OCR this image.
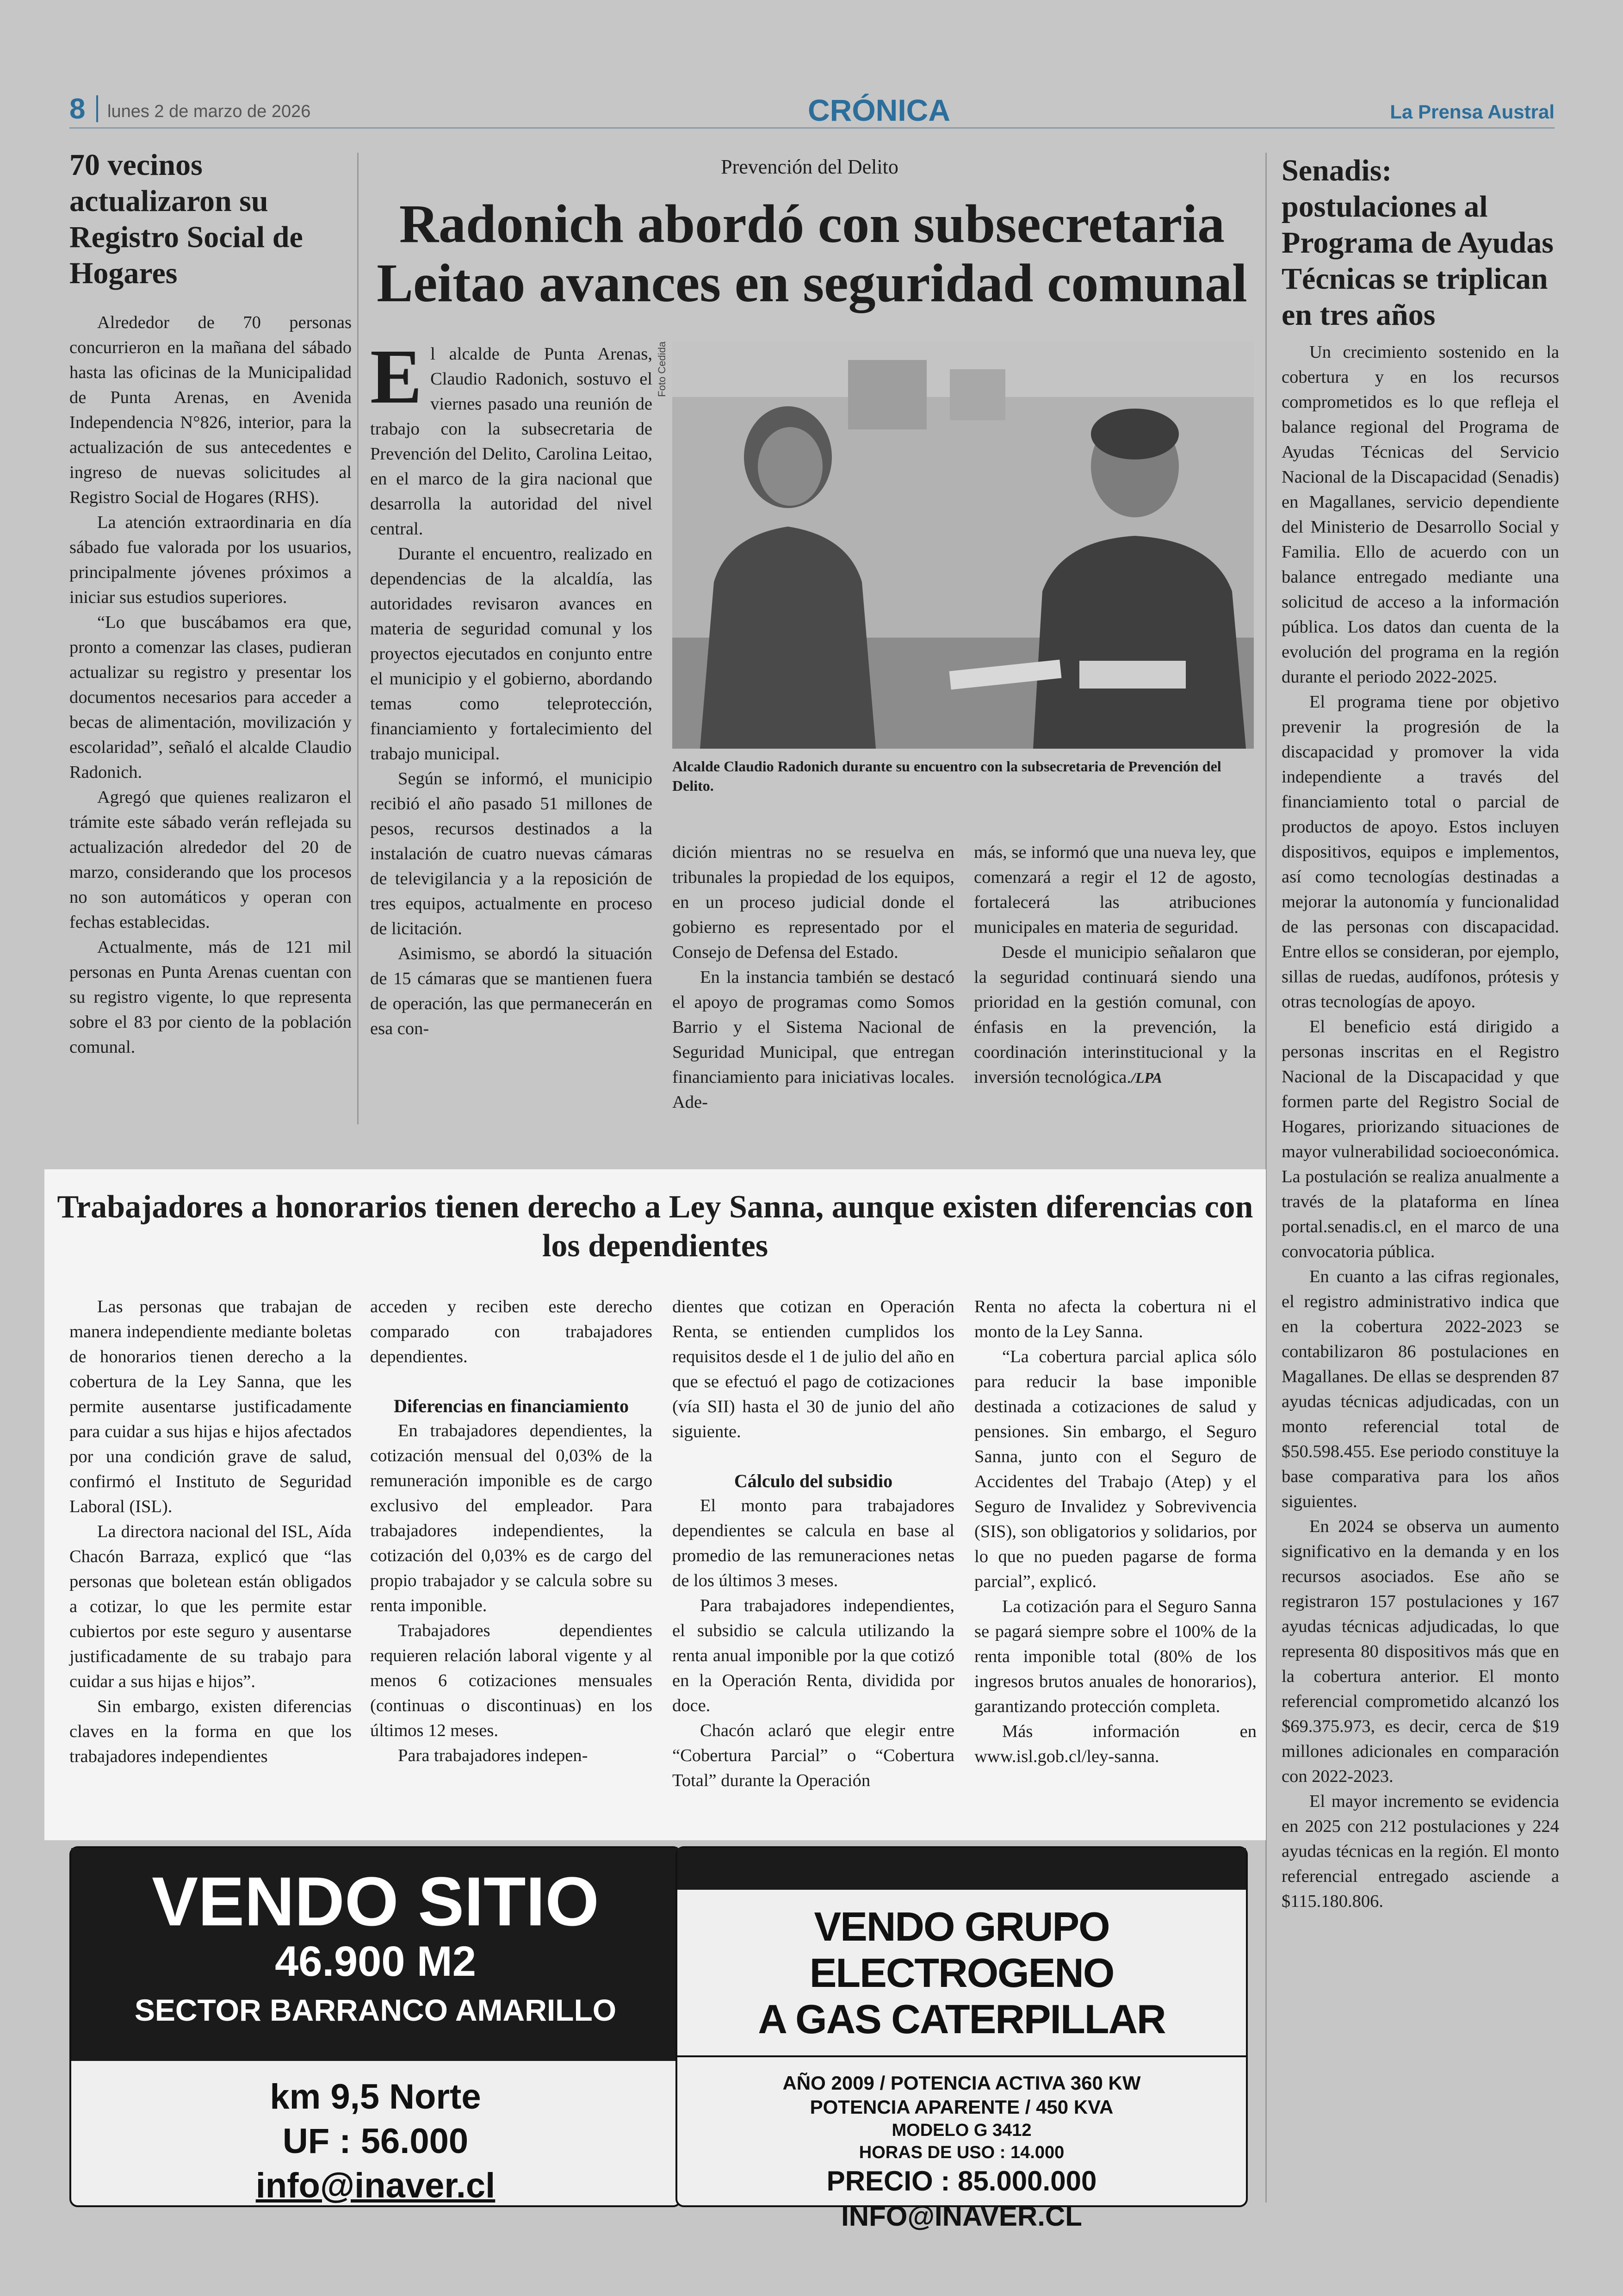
8 lunes 2 de marzo de 2026	CRÓNICA	La Prensa Austral
70 vecinos actualizaron su Registro Social de Hogares

Alrededor de 70 personas concurrieron en la mañana del sábado hasta las oficinas de la Municipalidad de Punta Arenas, en Avenida Independencia N°826, interior, para la actualización de sus antecedentes e ingreso de nuevas solicitudes al Registro Social de Hogares (RHS).

La atención extraordinaria en día sábado fue valorada por los usuarios, principalmente jóvenes próximos a iniciar sus estudios superiores.

“Lo que buscábamos era que, pronto a comenzar las clases, pudieran actualizar su registro y presentar los documentos necesarios para acceder a becas de alimentación, movilización y escolaridad”, señaló el alcalde Claudio Radonich.

Agregó que quienes realizaron el trámite este sábado verán reflejada su actualización alrededor del 20 de marzo, considerando que los procesos no son automáticos y operan con fechas establecidas.

Actualmente, más de 121 mil personas en Punta Arenas cuentan con su registro vigente, lo que representa sobre el 83 por ciento de la población comunal.

Prevención del Delito
Radonich abordó con subsecretaria Leitao avances en seguridad comunal

El alcalde de Punta Arenas, Claudio Radonich, sostuvo el viernes pasado una reunión de trabajo con la subsecretaria de Prevención del Delito, Carolina Leitao, en el marco de la gira nacional que desarrolla la autoridad del nivel central.

Durante el encuentro, realizado en dependencias de la alcaldía, las autoridades revisaron avances en materia de seguridad comunal y los proyectos ejecutados en conjunto entre el municipio y el gobierno, abordando temas como teleprotección, financiamiento y fortalecimiento del trabajo municipal.

Según se informó, el municipio recibió el año pasado 51 millones de pesos, recursos destinados a la instalación de cuatro nuevas cámaras de televigilancia y a la reposición de tres equipos, actualmente en proceso de licitación.

Asimismo, se abordó la situación de 15 cámaras que se mantienen fuera de operación, las que permanecerán en esa con-

Foto Cedida
Alcalde Claudio Radonich durante su encuentro con la subsecretaria de Prevención del Delito.

dición mientras no se resuelva en tribunales la propiedad de los equipos, en un proceso judicial donde el gobierno es representado por el Consejo de Defensa del Estado.

En la instancia también se destacó el apoyo de programas como Somos Barrio y el Sistema Nacional de Seguridad Municipal, que entregan financiamiento para iniciativas locales. Ade-

más, se informó que una nueva ley, que comenzará a regir el 12 de agosto, fortalecerá las atribuciones municipales en materia de seguridad.

Desde el municipio señalaron que la seguridad continuará siendo una prioridad en la gestión comunal, con énfasis en la prevención, la coordinación interinstitucional y la inversión tecnológica./LPA

Trabajadores a honorarios tienen derecho a Ley Sanna, aunque existen diferencias con los dependientes

Las personas que trabajan de manera independiente mediante boletas de honorarios tienen derecho a la cobertura de la Ley Sanna, que les permite ausentarse justificadamente para cuidar a sus hijas e hijos afectados por una condición grave de salud, confirmó el Instituto de Seguridad Laboral (ISL).

La directora nacional del ISL, Aída Chacón Barraza, explicó que “las personas que boletean están obligados a cotizar, lo que les permite estar cubiertos por este seguro y ausentarse justificadamente de su trabajo para cuidar a sus hijas e hijos”.

Sin embargo, existen diferencias claves en la forma en que los trabajadores independientes

acceden y reciben este derecho comparado con trabajadores dependientes.

Diferencias en financiamiento

En trabajadores dependientes, la cotización mensual del 0,03% de la remuneración imponible es de cargo exclusivo del empleador. Para trabajadores independientes, la cotización del 0,03% es de cargo del propio trabajador y se calcula sobre su renta imponible.

Trabajadores dependientes requieren relación laboral vigente y al menos 6 cotizaciones mensuales (continuas o discontinuas) en los últimos 12 meses.

Para trabajadores indepen-

dientes que cotizan en Operación Renta, se entienden cumplidos los requisitos desde el 1 de julio del año en que se efectuó el pago de cotizaciones (vía SII) hasta el 30 de junio del año siguiente.

Cálculo del subsidio

El monto para trabajadores dependientes se calcula en base al promedio de las remuneraciones netas de los últimos 3 meses.

Para trabajadores independientes, el subsidio se calcula utilizando la renta anual imponible por la que cotizó en la Operación Renta, dividida por doce.

Chacón aclaró que elegir entre “Cobertura Parcial” o “Cobertura Total” durante la Operación

Renta no afecta la cobertura ni el monto de la Ley Sanna.

“La cobertura parcial aplica sólo para reducir la base imponible destinada a cotizaciones de salud y pensiones. Sin embargo, el Seguro Sanna, junto con el Seguro de Accidentes del Trabajo (Atep) y el Seguro de Invalidez y Sobrevivencia (SIS), son obligatorios y solidarios, por lo que no pueden pagarse de forma parcial”, explicó.

La cotización para el Seguro Sanna se pagará siempre sobre el 100% de la renta imponible total (80% de los ingresos brutos anuales de honorarios), garantizando protección completa.

Más información en www.isl.gob.cl/ley-sanna.

Senadis: postulaciones al Programa de Ayudas Técnicas se triplican en tres años

Un crecimiento sostenido en la cobertura y en los recursos comprometidos es lo que refleja el balance regional del Programa de Ayudas Técnicas del Servicio Nacional de la Discapacidad (Senadis) en Magallanes, servicio dependiente del Ministerio de Desarrollo Social y Familia. Ello de acuerdo con un balance entregado mediante una solicitud de acceso a la información pública. Los datos dan cuenta de la evolución del programa en la región durante el periodo 2022-2025.

El programa tiene por objetivo prevenir la progresión de la discapacidad y promover la vida independiente a través del financiamiento total o parcial de productos de apoyo. Estos incluyen dispositivos, equipos e implementos, así como tecnologías destinadas a mejorar la autonomía y funcionalidad de las personas con discapacidad. Entre ellos se consideran, por ejemplo, sillas de ruedas, audífonos, prótesis y otras tecnologías de apoyo.

El beneficio está dirigido a personas inscritas en el Registro Nacional de la Discapacidad y que formen parte del Registro Social de Hogares, priorizando situaciones de mayor vulnerabilidad socioeconómica. La postulación se realiza anualmente a través de la plataforma en línea portal.senadis.cl, en el marco de una convocatoria pública.

En cuanto a las cifras regionales, el registro administrativo indica que en la cobertura 2022-2023 se contabilizaron 86 postulaciones en Magallanes. De ellas se desprenden 87 ayudas técnicas adjudicadas, con un monto referencial total de $50.598.455. Ese periodo constituye la base comparativa para los años siguientes.

En 2024 se observa un aumento significativo en la demanda y en los recursos asociados. Ese año se registraron 157 postulaciones y 167 ayudas técnicas adjudicadas, lo que representa 80 dispositivos más que en la cobertura anterior. El monto referencial comprometido alcanzó los $69.375.973, es decir, cerca de $19 millones adicionales en comparación con 2022-2023.

El mayor incremento se evidencia en 2025 con 212 postulaciones y 224 ayudas técnicas en la región. El monto referencial entregado asciende a $115.180.806.

VENDO SITIO
46.900 M2
SECTOR BARRANCO AMARILLO
km 9,5 Norte
UF : 56.000
info@inaver.cl
VENDO GRUPO ELECTROGENO
A GAS CATERPILLAR
AÑO 2009 / POTENCIA ACTIVA 360 KW
POTENCIA APARENTE / 450 KVA
MODELO G 3412
HORAS DE USO : 14.000
PRECIO : 85.000.000
INFO@INAVER.CL
